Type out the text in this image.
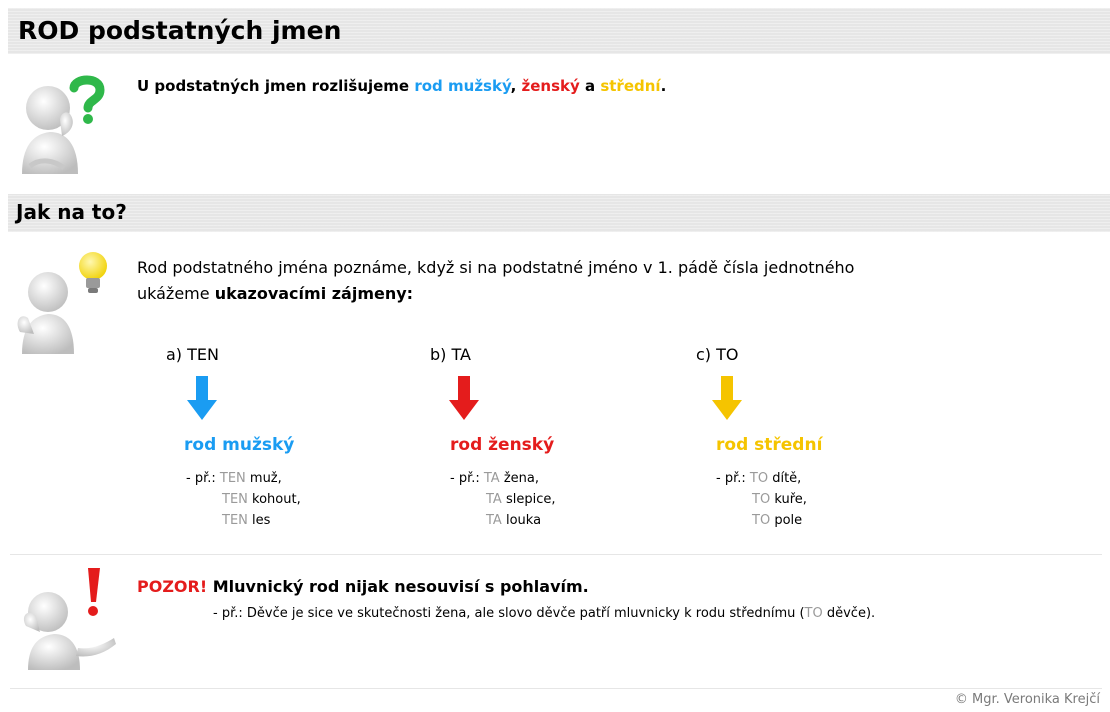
ROD podstatných jmen
U podstatných jmen rozlišujeme rod mužský, ženský a střední.
Jak na to?
Rod podstatného jména poznáme, když si na podstatné jméno v 1. pádě čísla jednotného
ukážeme ukazovacími zájmeny:
a) TEN
rod mužský
- př.: TEN muž,
TEN kohout,
TEN les
b) TA
rod ženský
- př.: TA žena,
TA slepice,
TA louka
c) TO
rod střední
- př.: TO dítě,
TO kuře,
TO pole
POZOR! Mluvnický rod nijak nesouvisí s pohlavím.
- př.: Děvče je sice ve skutečnosti žena, ale slovo děvče patří mluvnicky k rodu střednímu (TO děvče).
© Mgr. Veronika Krejčí
